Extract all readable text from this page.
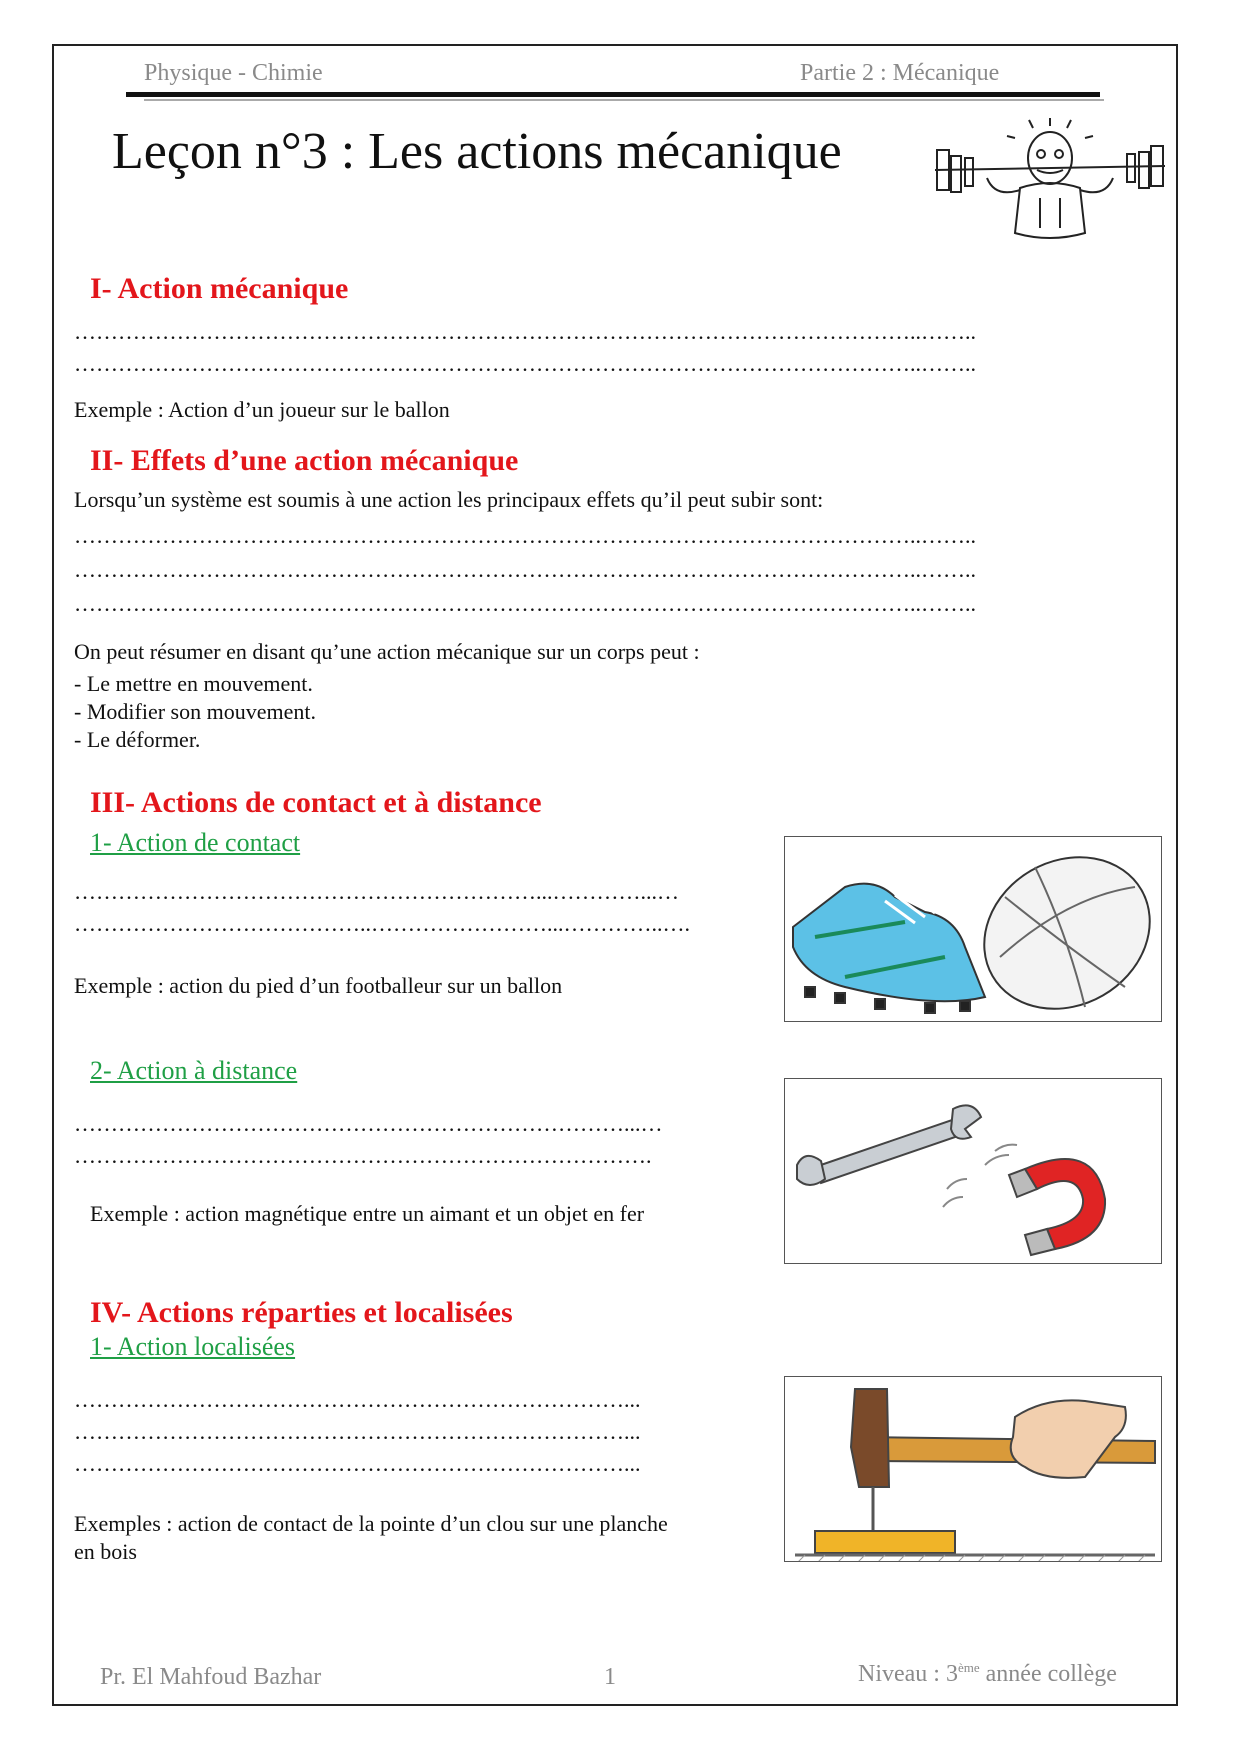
Physique - Chimie	Partie 2 : Mécanique
Leçon n°3 : Les actions mécanique
I- Action mécanique
……………………………………………………………………………………………………..……..
……………………………………………………………………………………………………..……..
Exemple : Action d’un joueur sur le ballon
II- Effets d’une action mécanique
Lorsqu’un système est soumis à une action les principaux effets qu’il peut subir sont:
……………………………………………………………………………………………………..……..
……………………………………………………………………………………………………..……..
……………………………………………………………………………………………………..……..
On peut résumer en disant qu’une action mécanique sur un corps peut :
- Le mettre en mouvement.
- Modifier son mouvement.
- Le déformer.
III- Actions de contact et à distance
1- Action de contact
………………………………………………………...…………...…
…………………………………..……………………...…………..….
Exemple : action du pied d’un footballeur sur un ballon
2- Action à distance
…………………………………………………………………...…
…………………………………………………………………….
Exemple : action magnétique entre un aimant et un objet en fer
IV- Actions réparties et localisées
1- Action localisées
…………………………………………………………………...
…………………………………………………………………...
…………………………………………………………………...
Exemples : action de contact de la pointe d’un clou sur une planche
en bois
Pr. El Mahfoud Bazhar	1	Niveau : 3ème année collège
